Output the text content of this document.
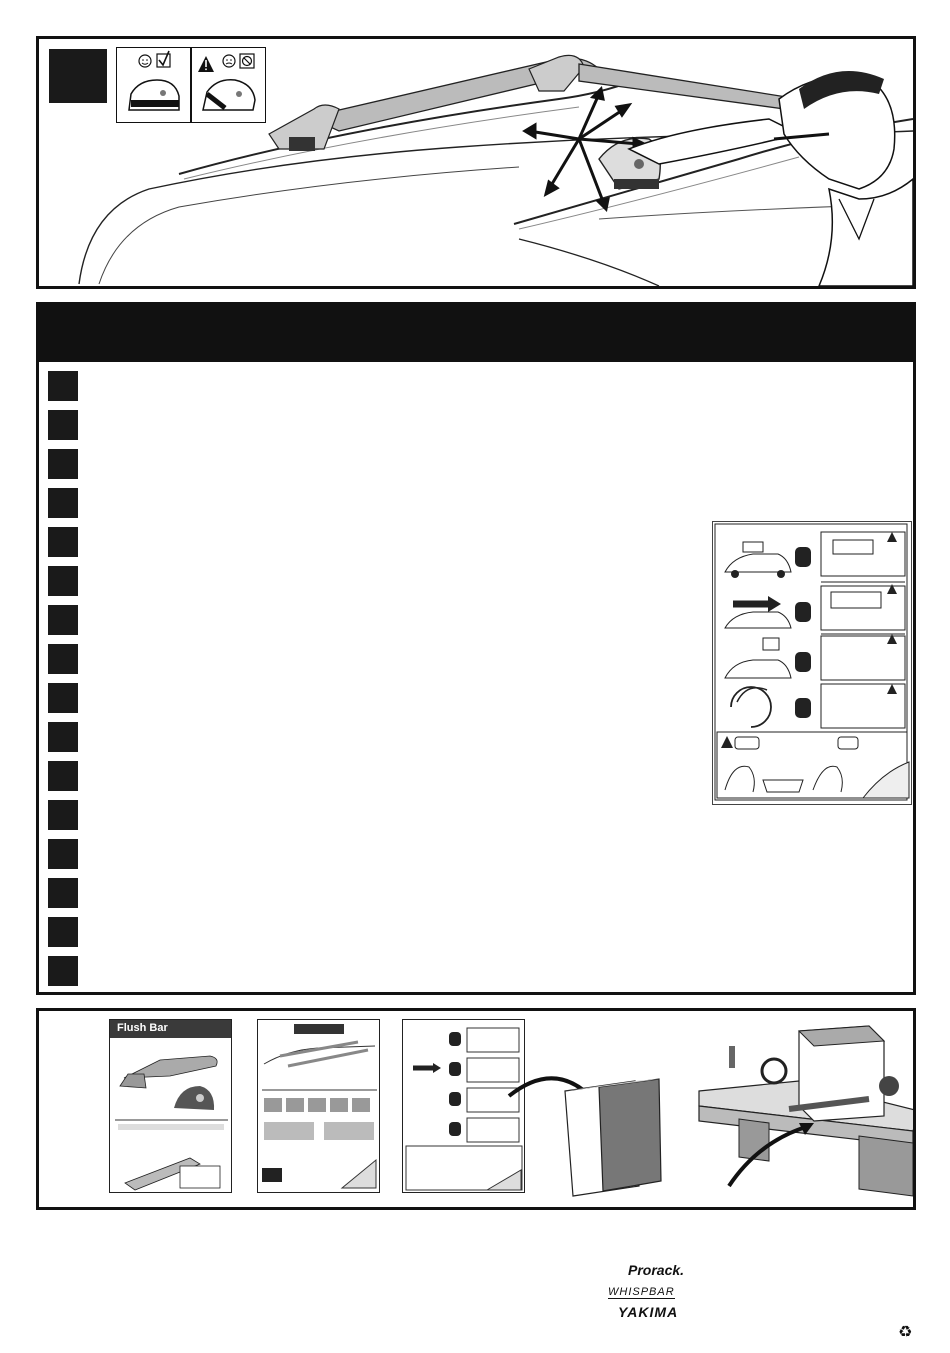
Flush Bar
Prorack.
WHISPBAR
YAKIMA
♻
